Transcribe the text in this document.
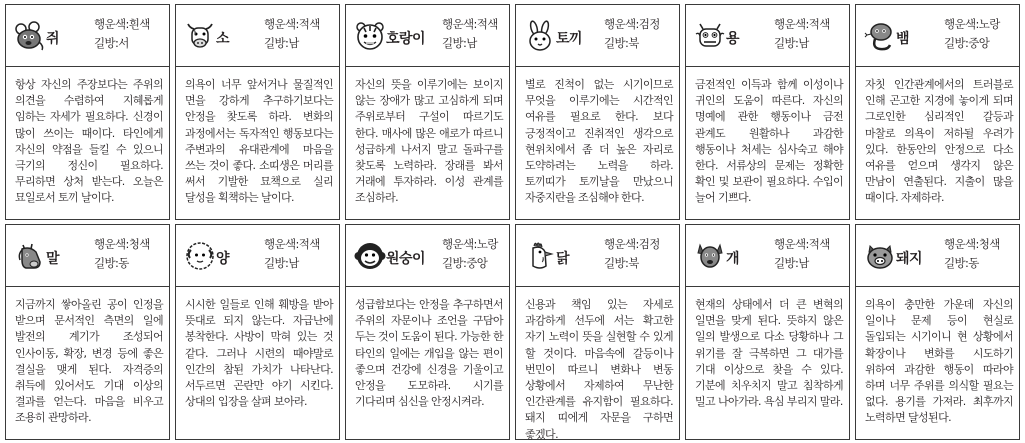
쥐
행운색:흰색
길방:서
항상 자신의 주장보다는 주위의 의견을 수렴하여 지혜롭게 임하는 자세가 필요하다. 신경이 많이 쓰이는 때이다. 타인에게 자신의 약점을 들킬 수 있으니 극기의 정신이 필요하다. 무리하면 상처 받는다. 오늘은 묘일로서 토끼 날이다.
소
행운색:적색
길방:남
의욕이 너무 앞서거나 물질적인 면을 강하게 추구하기보다는 안정을 찾도록 하라. 변화의 과정에서는 독자적인 행동보다는 주변과의 유대관계에 마음을 쓰는 것이 좋다. 소띠생은 머리를 써서 기발한 묘책으로 실리 달성을 획책하는 날이다.
호랑이
행운색:적색
길방:남
자신의 뜻을 이루기에는 보이지 않는 장애가 많고 고심하게 되며 주위로부터 구설이 따르기도 한다. 매사에 많은 애로가 따르니 성급하게 나서지 말고 돌파구를 찾도록 노력하라. 장래를 봐서 거래에 투자하라. 이성 관계를 조심하라.
토끼
행운색:검정
길방:북
별로 진척이 없는 시기이므로 무엇을 이루기에는 시간적인 여유를 필요로 한다. 보다 긍정적이고 진취적인 생각으로 현위치에서 좀 더 높은 자리로 도약하려는 노력을 하라. 토끼띠가 토끼날을 만났으니 자중지란을 조심해야 한다.
용
행운색:적색
길방:남
금전적인 이득과 함께 이성이나 귀인의 도움이 따른다. 자신의 명예에 관한 행동이나 금전 관계도 원활하나 과감한 행동이나 처세는 심사숙고 해야 한다. 서류상의 문제는 정확한 확인 및 보관이 필요하다. 수입이 늘어 기쁘다.
뱀
행운색:노랑
길방:중앙
자칫 인간관계에서의 트러블로 인해 곤고한 지경에 놓이게 되며 그로인한 심리적인 갈등과 마찰로 의욕이 저하될 우려가 있다. 한동안의 안정으로 다소 여유를 얻으며 생각지 않은 만남이 연출된다. 지출이 많을 때이다. 자제하라.
말
행운색:청색
길방:동
지금까지 쌓아올린 공이 인정을 받으며 문서적인 측면의 일에 발전의 계기가 조성되어 인사이동, 확장, 변경 등에 좋은 결실을 맺게 된다. 자격증의 취득에 있어서도 기대 이상의 결과를 얻는다. 마음을 비우고 조용히 관망하라.
양
행운색:적색
길방:남
시시한 일들로 인해 훼방을 받아 뜻대로 되지 않는다. 자급난에 봉착한다. 사방이 막혀 있는 것 같다. 그러나 시련의 때야말로 인간의 참된 가치가 나타난다. 서두르면 곤란만 야기 시킨다. 상대의 입장을 살펴 보아라.
원숭이
행운색:노랑
길방:중앙
성급함보다는 안정을 추구하면서 주위의 자문이나 조언을 구담아 두는 것이 도움이 된다. 가능한 한 타인의 일에는 개입을 않는 편이 좋으며 건강에 신경을 기울이고 안정을 도모하라. 시기를 기다리며 심신을 안정시켜라.
닭
행운색:검정
길방:북
신용과 책임 있는 자세로 과감하게 선두에 서는 확고한 자기 노력이 뜻을 실현할 수 있게 할 것이다. 마음속에 갈등이나 번민이 따르니 변화나 변동 상황에서 자제하여 무난한 인간관계를 유지함이 필요하다. 돼지 띠에게 자문을 구하면 좋겠다.
개
행운색:적색
길방:남
현재의 상태에서 더 큰 변혁의 일면을 맞게 된다. 뜻하지 않은 일의 발생으로 다소 당황하나 그 위기를 잘 극복하면 그 대가를 기대 이상으로 찾을 수 있다. 기분에 치우치지 말고 침착하게 밀고 나아가라. 욕심 부리지 말라.
돼지
행운색:청색
길방:동
의욕이 충만한 가운데 자신의 일이나 문제 등이 현실로 돌입되는 시기이니 현 상황에서 확장이나 변화를 시도하기 위하여 과감한 행동이 따라야 하며 너무 주위를 의식할 필요는 없다. 용기를 가져라. 최후까지 노력하면 달성된다.
